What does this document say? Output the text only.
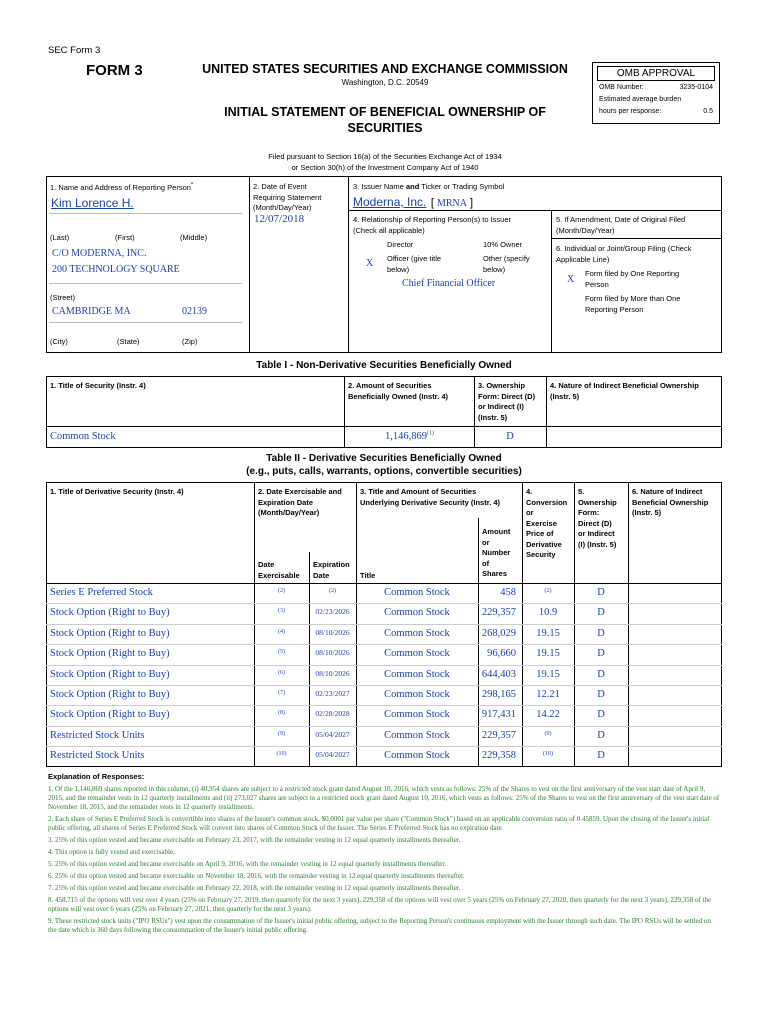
SEC Form 3
FORM 3	UNITED STATES SECURITIES AND EXCHANGE COMMISSION
Washington, D.C. 20549
INITIAL STATEMENT OF BENEFICIAL OWNERSHIP OF
SECURITIES
OMB APPROVAL
OMB Number:	3235-0104
Estimated average burden
hours per response:	0.5
Filed pursuant to Section 16(a) of the Securities Exchange Act of 1934
or Section 30(h) of the Investment Company Act of 1940
1. Name and Address of Reporting Person*
Kim Lorence H.
(Last)	(First)	(Middle)
C/O MODERNA, INC.
200 TECHNOLOGY SQUARE
(Street)
CAMBRIDGE MA	02139
(City)	(State)	(Zip)
2. Date of Event
Requiring Statement
(Month/Day/Year)
12/07/2018
3. Issuer Name and Ticker or Trading Symbol
Moderna, Inc. [ MRNA ]
4. Relationship of Reporting Person(s) to Issuer
(Check all applicable)
Director	10% Owner
X Officer (give title
below)
Other (specify
below)
Chief Financial Officer
5. If Amendment, Date of Original Filed
(Month/Day/Year)
6. Individual or Joint/Group Filing (Check
Applicable Line)
X
Form filed by One Reporting
Person
Form filed by More than One
Reporting Person
Table I - Non-Derivative Securities Beneficially Owned
1. Title of Security (Instr. 4)	2. Amount of Securities
Beneficially Owned (Instr. 4)
3. Ownership
Form: Direct (D)
or Indirect (I)
(Instr. 5)
4. Nature of Indirect Beneficial Ownership
(Instr. 5)
Common Stock	1,146,869$^{(1)}$	D
Table II - Derivative Securities Beneficially Owned
(e.g., puts, calls, warrants, options, convertible securities)
1. Title of Derivative Security (Instr. 4)	2. Date Exercisable and
Expiration Date
(Month/Day/Year)
3. Title and Amount of Securities
Underlying Derivative Security (Instr. 4)
4.
Conversion
or
Exercise
Price of
Derivative
Security
5.
Ownership
Form:
Direct (D)
or Indirect
(I) (Instr. 5)
6. Nature of Indirect
Beneficial Ownership
(Instr. 5)
Amount
or
Number
of
Shares
Date
Exercisable
Expiration
Date	Title
Series E Preferred Stock	(2)	(2)	Common Stock	458	(2)	D
Stock Option (Right to Buy)	(3)	02/23/2026	Common Stock	229,357	10.9	D
Stock Option (Right to Buy)	(4)	08/10/2026	Common Stock	268,029	19.15	D
Stock Option (Right to Buy)	(5)	08/10/2026	Common Stock	96,660	19.15	D
Stock Option (Right to Buy)	(6)	08/10/2026	Common Stock	644,403	19.15	D
Stock Option (Right to Buy)	(7)	02/23/2027	Common Stock	298,165	12.21	D
Stock Option (Right to Buy)	(8)	02/28/2028	Common Stock	917,431	14.22	D
Restricted Stock Units	(9)	05/04/2027	Common Stock	229,357	(9)	D
Restricted Stock Units	(10)	05/04/2027	Common Stock	229,358	(10)	D
Explanation of Responses:
1. Of the 1,146,869 shares reported in this column, (i) 40,954 shares are subject to a restricted stock grant dated August 10, 2016, which vests as follows: 25% of the Shares to vest on the first anniversary of the vest start date of April 9, 2015, and the remainder vests in 12 quarterly installments and (ii) 273,027 shares are subject to a restricted stock grant dated August 10, 2016, which vests as follows: 25% of the Shares to vest on the first anniversary of the vest start date of November 18, 2015, and the remainder vests in 12 quarterly installments.
2. Each share of Series E Preferred Stock is convertible into shares of the Issuer's common stock, $0.0001 par value per share ("Common Stock") based on an applicable conversion ratio of 0.45859. Upon the closing of the Issuer's initial public offering, all shares of Series E Preferred Stock will convert into shares of Common Stock of the Issuer. The Series E Preferred Stock has no expiration date.
3. 25% of this option vested and became exercisable on February 23, 2017, with the remainder vesting in 12 equal quarterly installments thereafter.
4. This option is fully vested and exercisable.
5. 25% of this option vested and became exercisable on April 9, 2016, with the remainder vesting in 12 equal quarterly installments thereafter.
6. 25% of this option vested and became exercisable on November 18, 2016, with the remainder vesting in 12 equal quarterly installments thereafter.
7. 25% of this option vested and became exercisable on February 22, 2018, with the remainder vesting in 12 equal quarterly installments thereafter.
8. 458,715 of the options will vest over 4 years (25% on February 27, 2019, then quarterly for the next 3 years), 229,358 of the options will vest over 5 years (25% on February 27, 2020, then quarterly for the next 3 years), 229,358 of the options will vest over 6 years (25% on February 27, 2021, then quarterly for the next 3 years).
9. These restricted stock units ("IPO RSUs") vest upon the consummation of the Issuer's initial public offering, subject to the Reporting Person's continuous employment with the Issuer through such date. The IPO RSUs will be settled on the date which is 360 days following the consummation of the Issuer's initial public offering.
